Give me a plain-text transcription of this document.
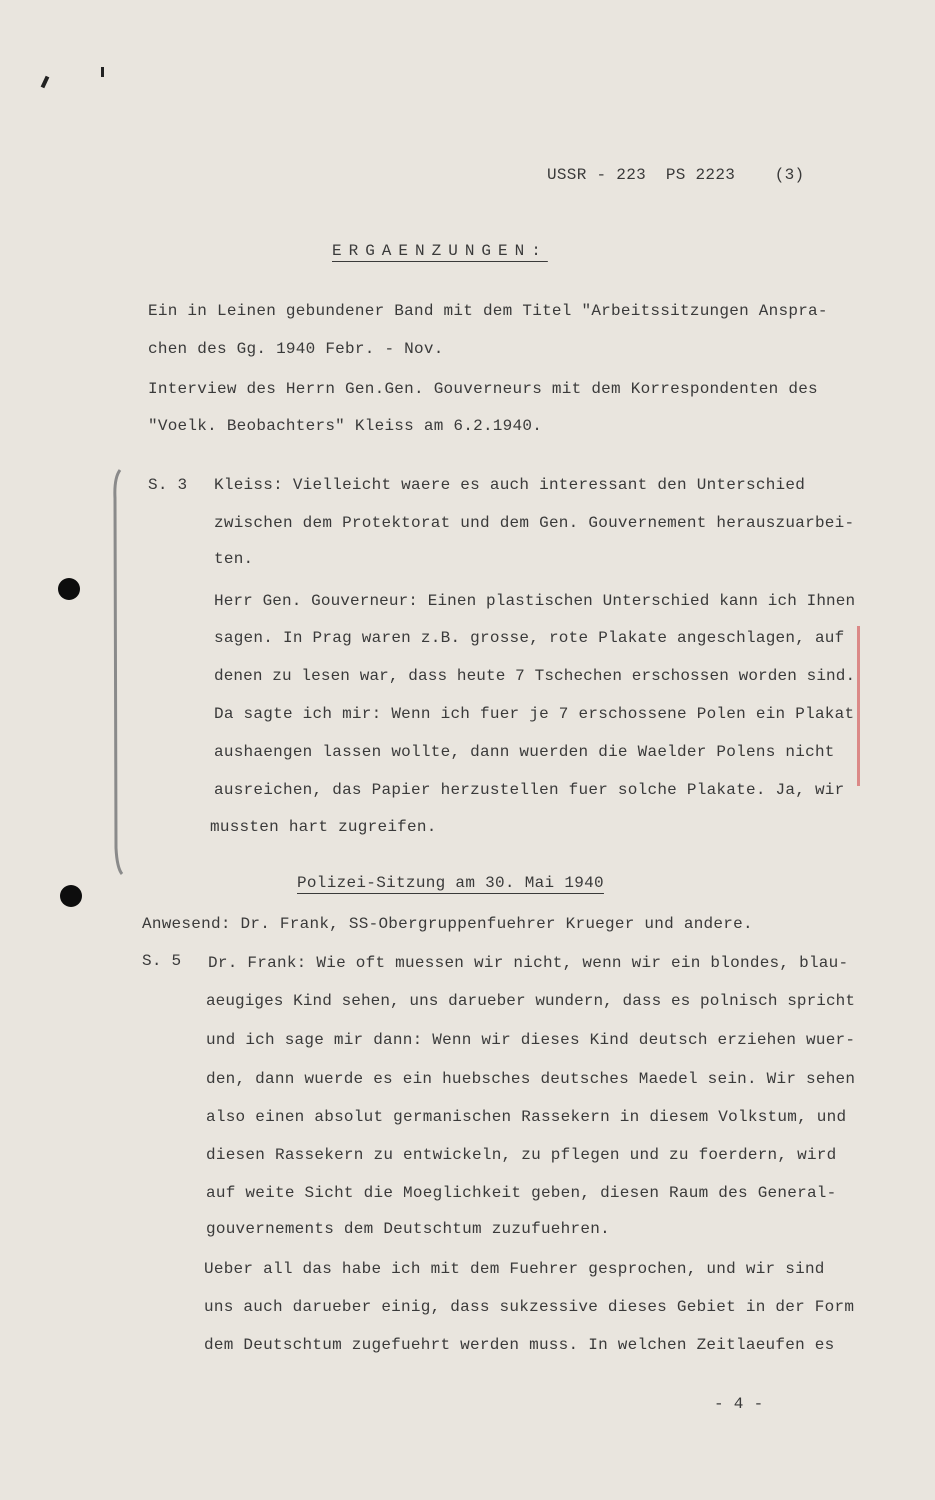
USSR - 223  PS 2223    (3)
ERGAENZUNGEN:
Ein in Leinen gebundener Band mit dem Titel "Arbeitssitzungen Anspra-
chen des Gg. 1940 Febr. - Nov.
Interview des Herrn Gen.Gen. Gouverneurs mit dem Korrespondenten des
"Voelk. Beobachters" Kleiss am 6.2.1940.
S. 3 Kleiss: Vielleicht waere es auch interessant den Unterschied
zwischen dem Protektorat und dem Gen. Gouvernement herauszuarbei-
ten.
Herr Gen. Gouverneur: Einen plastischen Unterschied kann ich Ihnen
sagen. In Prag waren z.B. grosse, rote Plakate angeschlagen, auf
denen zu lesen war, dass heute 7 Tschechen erschossen worden sind.
Da sagte ich mir: Wenn ich fuer je 7 erschossene Polen ein Plakat
aushaengen lassen wollte, dann wuerden die Waelder Polens nicht
ausreichen, das Papier herzustellen fuer solche Plakate. Ja, wir
mussten hart zugreifen.
Polizei-Sitzung am 30. Mai 1940
Anwesend: Dr. Frank, SS-Obergruppenfuehrer Krueger und andere.
S. 5 Dr. Frank: Wie oft muessen wir nicht, wenn wir ein blondes, blau-
aeugiges Kind sehen, uns darueber wundern, dass es polnisch spricht
und ich sage mir dann: Wenn wir dieses Kind deutsch erziehen wuer-
den, dann wuerde es ein huebsches deutsches Maedel sein. Wir sehen
also einen absolut germanischen Rassekern in diesem Volkstum, und
diesen Rassekern zu entwickeln, zu pflegen und zu foerdern, wird
auf weite Sicht die Moeglichkeit geben, diesen Raum des General-
gouvernements dem Deutschtum zuzufuehren.
Ueber all das habe ich mit dem Fuehrer gesprochen, und wir sind
uns auch darueber einig, dass sukzessive dieses Gebiet in der Form
dem Deutschtum zugefuehrt werden muss. In welchen Zeitlaeufen es
- 4 -
